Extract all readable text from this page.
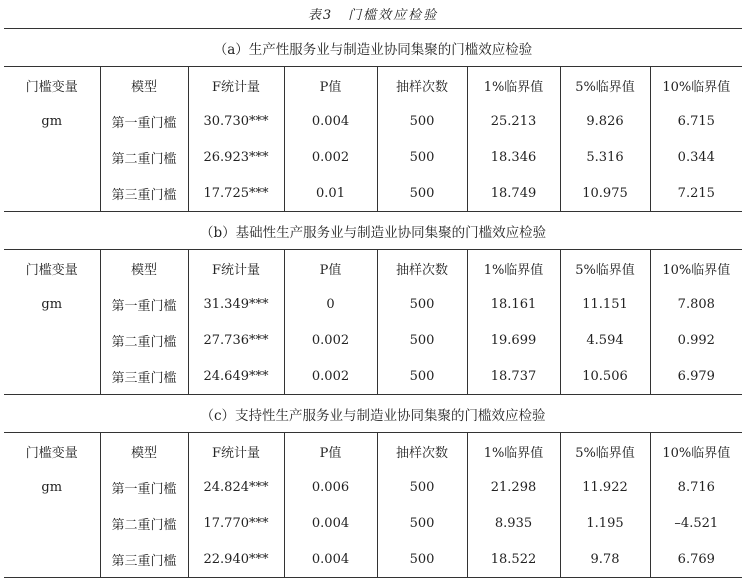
表3　门槛效应检验
（a）生产性服务业与制造业协同集聚的门槛效应检验							
门槛变量	模型	F统计量	P值	抽样次数	1%临界值	5%临界值	10%临界值
gm	第一重门槛	30.730***	0.004	500	25.213	9.826	6.715
	第二重门槛	26.923***	0.002	500	18.346	5.316	0.344
	第三重门槛	17.725***	0.01	500	18.749	10.975	7.215
（b）基础性生产服务业与制造业协同集聚的门槛效应检验							
门槛变量	模型	F统计量	P值	抽样次数	1%临界值	5%临界值	10%临界值
gm	第一重门槛	31.349***	0	500	18.161	11.151	7.808
	第二重门槛	27.736***	0.002	500	19.699	4.594	0.992
	第三重门槛	24.649***	0.002	500	18.737	10.506	6.979
（c）支持性生产服务业与制造业协同集聚的门槛效应检验							
门槛变量	模型	F统计量	P值	抽样次数	1%临界值	5%临界值	10%临界值
gm	第一重门槛	24.824***	0.006	500	21.298	11.922	8.716
	第二重门槛	17.770***	0.004	500	8.935	1.195	–4.521
	第三重门槛	22.940***	0.004	500	18.522	9.78	6.769
